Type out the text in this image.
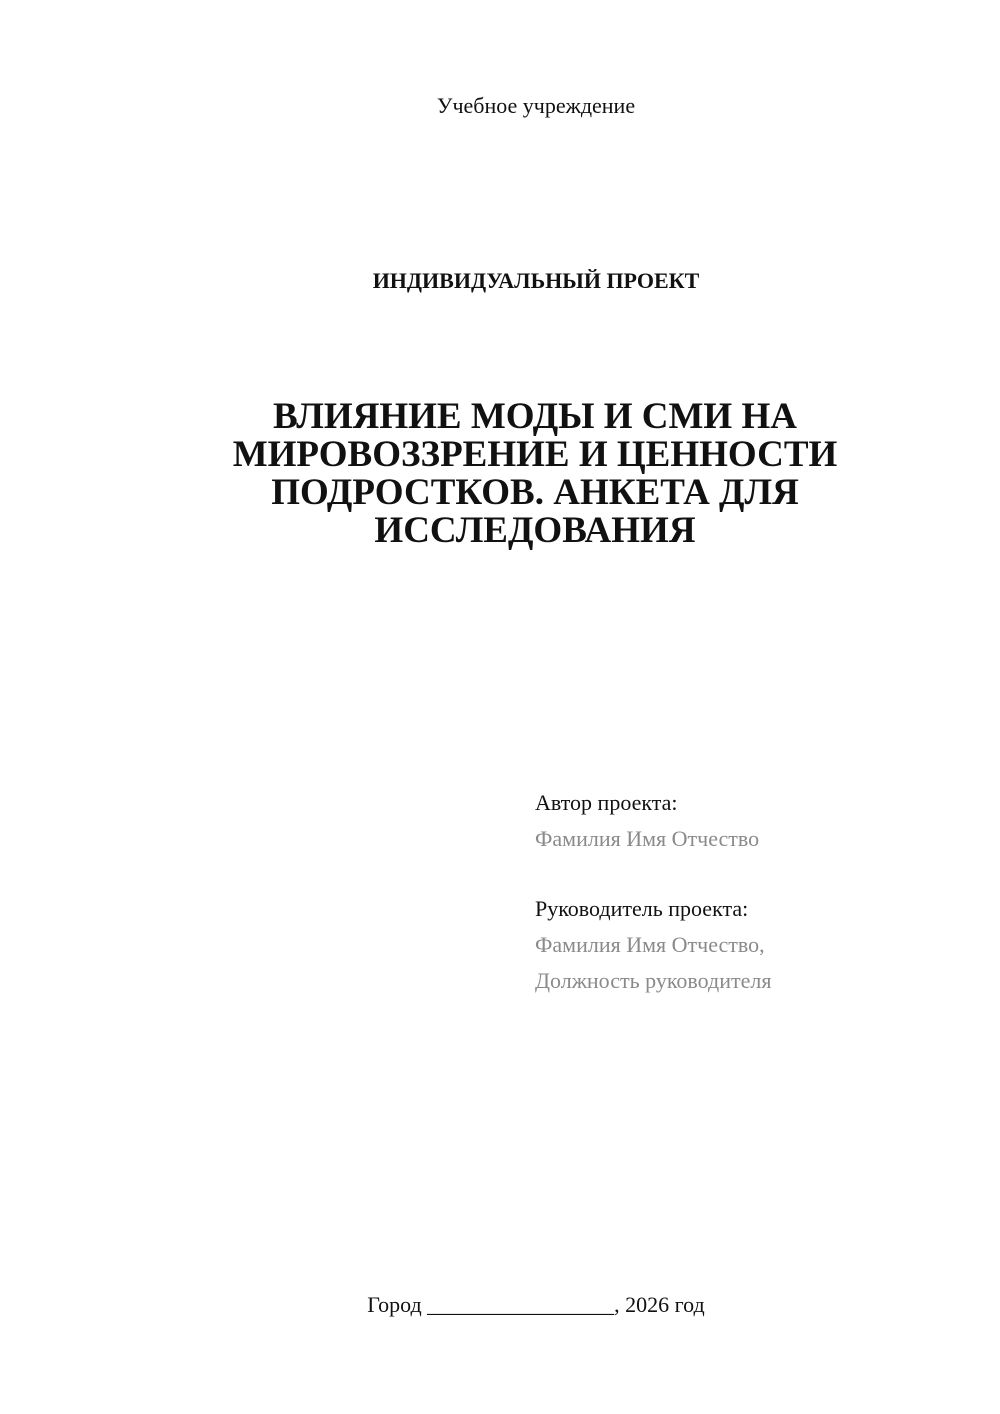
Учебное учреждение
ИНДИВИДУАЛЬНЫЙ ПРОЕКТ
ВЛИЯНИЕ МОДЫ И СМИ НА МИРОВОЗЗРЕНИЕ И ЦЕННОСТИ ПОДРОСТКОВ. АНКЕТА ДЛЯ ИССЛЕДОВАНИЯ
Автор проекта:
Фамилия Имя Отчество
Руководитель проекта:
Фамилия Имя Отчество,
Должность руководителя
Город _________________, 2026 год
